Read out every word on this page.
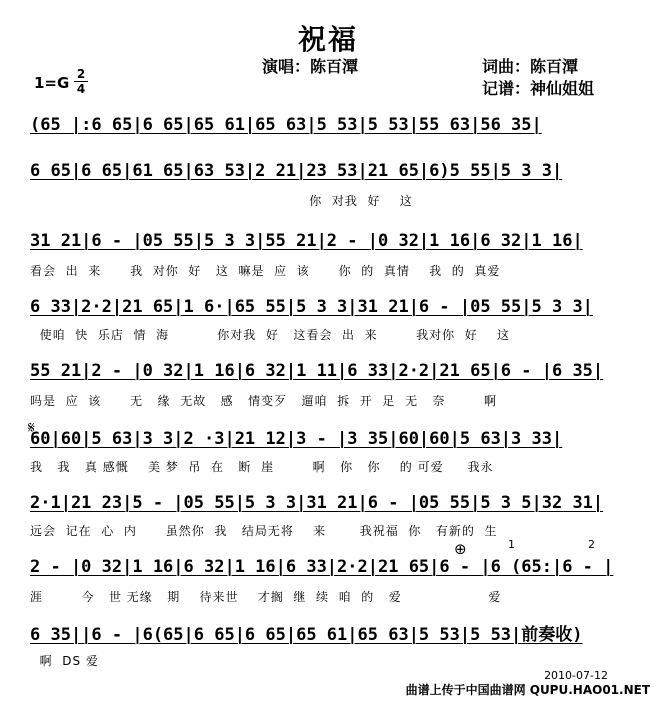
祝福
演唱：陈百潭	词曲：陈百潭
记谱：神仙姐姐
1=G 2
4
(65 |:6 65|6 65|65 61|65 63|5 53|5 53|55 63|56 35|
6 65|6 65|61 65|63 53|2 21|23 53|21 65|6)5 55|5 3 3|
你  对我  好    这
31 21|6 - |05 55|5 3 3|55 21|2 - |0 32|1 16|6 32|1 16|
看会  出  来      我  对你  好   这  嘛是  应  该      你  的  真情    我  的  真爱
6 33|2·2|21 65|1 6·|65 55|5 3 3|31 21|6 - |05 55|5 3 3|
使咱  快  乐店  情  海          你对我  好   这看会  出  来        我对你  好    这
55 21|2 - |0 32|1 16|6 32|1 11|6 33|2·2|21 65|6 - |6 35|
吗是  应  该      无   缘  无故   感   情变歹   遛咱  拆  开  足  无   奈        啊
𝄋
60|60|5 63|3 3|2 ·3|21 12|3 - |3 35|60|60|5 63|3 33|
我   我   真 感慨    美 梦  吊  在   断  崖        啊   你   你    的 可爱     我永
2·1|21 23|5 - |05 55|5 3 3|31 21|6 - |05 55|5 3 5|32 31|
远会  记在  心  内      虽然你  我   结局无将    来       我祝福  你   有新的  生
⊕	1	2
2 - |0 32|1 16|6 32|1 16|6 33|2·2|21 65|6 - |6 (65:|6 - |
涯        今   世 无缘   期    待来世    才搁  继  续  咱  的   爱                  爱
6 35||6 - |6(65|6 65|6 65|65 61|65 63|5 53|5 53|前奏收)
啊  DS 爱
2010-07-12
曲谱上传于中国曲谱网 QUPU.HAO01.NET
